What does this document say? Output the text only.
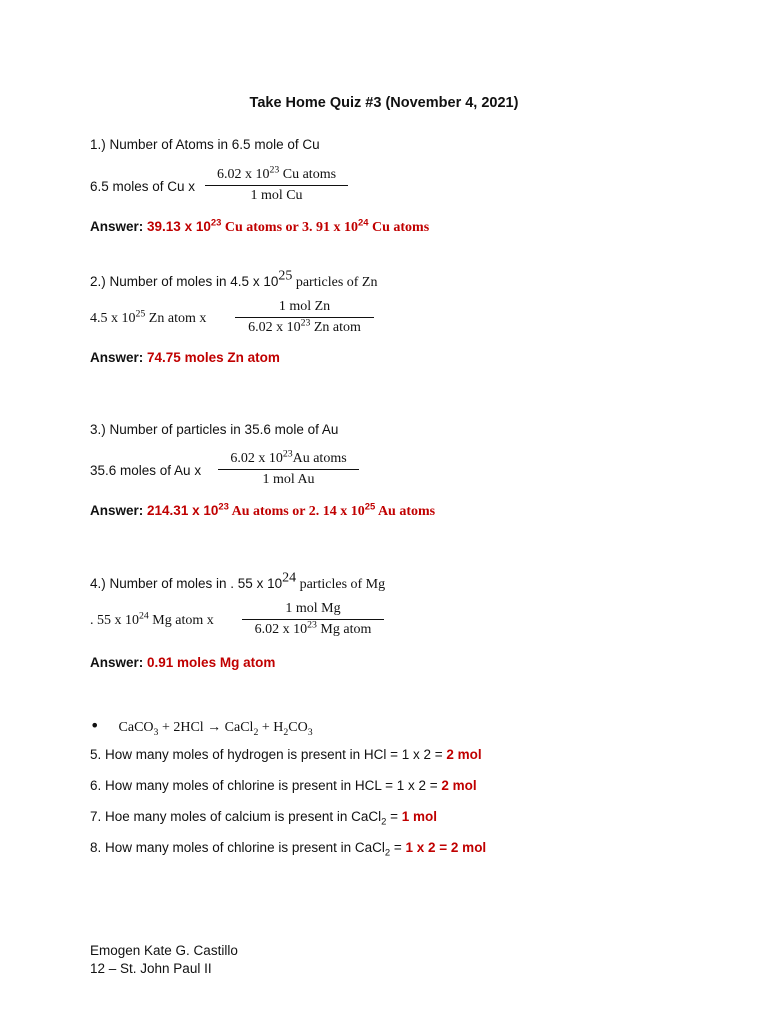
Take Home Quiz #3 (November 4, 2021)
1.) Number of Atoms in 6.5 mole of Cu
6.5 moles of Cu x
6.02 x $10^{23}$ Cu atoms
1 mol Cu
Answer: 39.13 x $10^{23}$ Cu atoms or 3. 91 x $10^{24}$ Cu atoms
2.) Number of moles in 4.5 x $10^{25}$ particles of Zn
4.5 x $10^{25}$ Zn atom x
1 mol Zn
6.02 x $10^{23}$ Zn atom
Answer: 74.75 moles Zn atom
3.) Number of particles in 35.6 mole of Au
35.6 moles of Au x
6.02 x $10^{23}Au$ atoms
1 mol Au
Answer: 214.31 x $10^{23}$ Au atoms or 2. 14 x $10^{25}$ Au atoms
4.) Number of moles in . 55 x $10^{24}$ particles of Mg
. 55 x $10^{24}$ Mg atom x
1 mol Mg
6.02 x $10^{23}$ Mg atom
Answer: 0.91 moles Mg atom
• CaCO$_3$ + 2HCl → CaCl$_2$ + $H_2CO_3$
5. How many moles of hydrogen is present in HCl = 1 x 2 = 2 mol
6. How many moles of chlorine is present in HCL = 1 x 2 = 2 mol
7. Hoe many moles of calcium is present in CaCl$_2$ = 1 mol
8. How many moles of chlorine is present in CaCl$_2$ = 1 x 2 = 2 mol
Emogen Kate G. Castillo
12 – St. John Paul II
